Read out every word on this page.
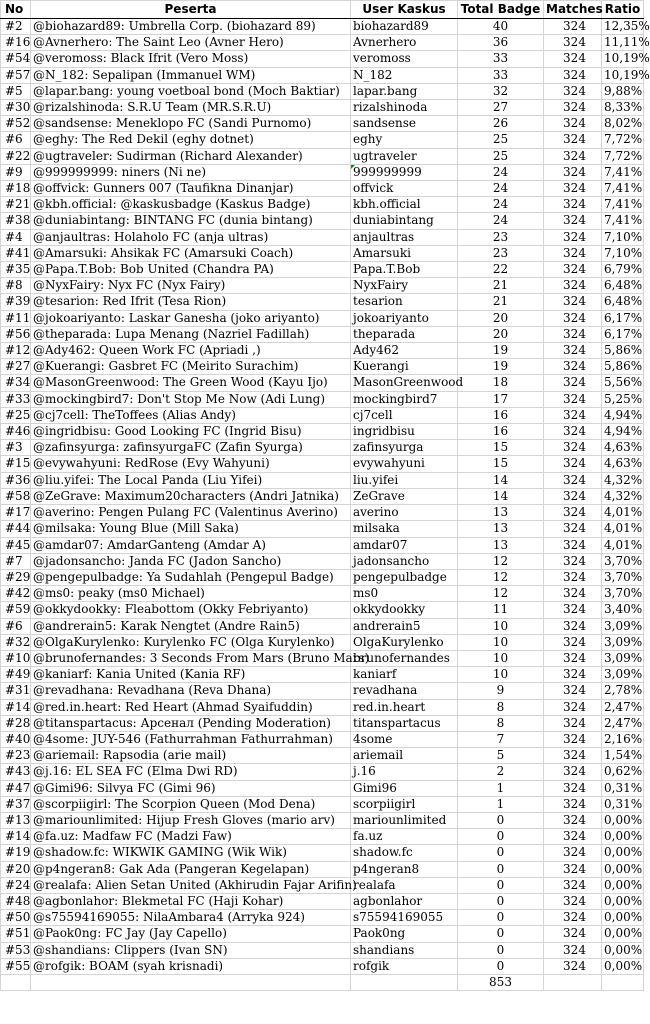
No	Peserta	User Kaskus	Total Badge	Matches	Ratio
#2	@biohazard89: Umbrella Corp. (biohazard 89)	biohazard89	40	324	12,35%
#16	@Avnerhero: The Saint Leo (Avner Hero)	Avnerhero	36	324	11,11%
#54	@veromoss: Black Ifrit (Vero Moss)	veromoss	33	324	10,19%
#57	@N_182: Sepalipan (Immanuel WM)	N_182	33	324	10,19%
#5	@lapar.bang: young voetboal bond (Moch Baktiar)	lapar.bang	32	324	9,88%
#30	@rizalshinoda: S.R.U Team (MR.S.R.U)	rizalshinoda	27	324	8,33%
#52	@sandsense: Meneklopo FC (Sandi Purnomo)	sandsense	26	324	8,02%
#6	@eghy: The Red Dekil (eghy dotnet)	eghy	25	324	7,72%
#22	@ugtraveler: Sudirman (Richard Alexander)	ugtraveler	25	324	7,72%
#9	@999999999: niners (Ni ne)	999999999	24	324	7,41%
#18	@offvick: Gunners 007 (Taufikna Dinanjar)	offvick	24	324	7,41%
#21	@kbh.official: @kaskusbadge (Kaskus Badge)	kbh.official	24	324	7,41%
#38	@duniabintang: BINTANG FC (dunia bintang)	duniabintang	24	324	7,41%
#4	@anjaultras: Holaholo FC (anja ultras)	anjaultras	23	324	7,10%
#41	@Amarsuki: Ahsikak FC (Amarsuki Coach)	Amarsuki	23	324	7,10%
#35	@Papa.T.Bob: Bob United (Chandra PA)	Papa.T.Bob	22	324	6,79%
#8	@NyxFairy: Nyx FC (Nyx Fairy)	NyxFairy	21	324	6,48%
#39	@tesarion: Red Ifrit (Tesa Rion)	tesarion	21	324	6,48%
#11	@jokoariyanto: Laskar Ganesha (joko ariyanto)	jokoariyanto	20	324	6,17%
#56	@theparada: Lupa Menang (Nazriel Fadillah)	theparada	20	324	6,17%
#12	@Ady462: Queen Work FC (Apriadi ,)	Ady462	19	324	5,86%
#27	@Kuerangi: Gasbret FC (Meirito Surachim)	Kuerangi	19	324	5,86%
#34	@MasonGreenwood: The Green Wood (Kayu Ijo)	MasonGreenwood	18	324	5,56%
#33	@mockingbird7: Don't Stop Me Now (Adi Lung)	mockingbird7	17	324	5,25%
#25	@cj7cell: TheToffees (Alias Andy)	cj7cell	16	324	4,94%
#46	@ingridbisu: Good Looking FC (Ingrid Bisu)	ingridbisu	16	324	4,94%
#3	@zafinsyurga: zafinsyurgaFC (Zafin Syurga)	zafinsyurga	15	324	4,63%
#15	@evywahyuni: RedRose (Evy Wahyuni)	evywahyuni	15	324	4,63%
#36	@liu.yifei: The Local Panda (Liu Yifei)	liu.yifei	14	324	4,32%
#58	@ZeGrave: Maximum20characters (Andri Jatnika)	ZeGrave	14	324	4,32%
#17	@averino: Pengen Pulang FC (Valentinus Averino)	averino	13	324	4,01%
#44	@milsaka: Young Blue (Mill Saka)	milsaka	13	324	4,01%
#45	@amdar07: AmdarGanteng (Amdar A)	amdar07	13	324	4,01%
#7	@jadonsancho: Janda FC (Jadon Sancho)	jadonsancho	12	324	3,70%
#29	@pengepulbadge: Ya Sudahlah (Pengepul Badge)	pengepulbadge	12	324	3,70%
#42	@ms0: peaky (ms0 Michael)	ms0	12	324	3,70%
#59	@okkydookky: Fleabottom (Okky Febriyanto)	okkydookky	11	324	3,40%
#6	@andrerain5: Karak Nengtet (Andre Rain5)	andrerain5	10	324	3,09%
#32	@OlgaKurylenko: Kurylenko FC (Olga Kurylenko)	OlgaKurylenko	10	324	3,09%
#10	@brunofernandes: 3 Seconds From Mars (Bruno Mars)	brunofernandes	10	324	3,09%
#49	@kaniarf: Kania United (Kania RF)	kaniarf	10	324	3,09%
#31	@revadhana: Revadhana (Reva Dhana)	revadhana	9	324	2,78%
#14	@red.in.heart: Red Heart (Ahmad Syaifuddin)	red.in.heart	8	324	2,47%
#28	@titanspartacus: Арсенал (Pending Moderation)	titanspartacus	8	324	2,47%
#40	@4some: JUY-546 (Fathurrahman Fathurrahman)	4some	7	324	2,16%
#23	@ariemail: Rapsodia (arie mail)	ariemail	5	324	1,54%
#43	@j.16: EL SEA FC (Elma Dwi RD)	j.16	2	324	0,62%
#47	@Gimi96: Silvya FC (Gimi 96)	Gimi96	1	324	0,31%
#37	@scorpiigirl: The Scorpion Queen (Mod Dena)	scorpiigirl	1	324	0,31%
#13	@mariounlimited: Hijup Fresh Gloves (mario arv)	mariounlimited	0	324	0,00%
#14	@fa.uz: Madfaw FC (Madzi Faw)	fa.uz	0	324	0,00%
#19	@shadow.fc: WIKWIK GAMING (Wik Wik)	shadow.fc	0	324	0,00%
#20	@p4ngeran8: Gak Ada (Pangeran Kegelapan)	p4ngeran8	0	324	0,00%
#24	@realafa: Alien Setan United (Akhirudin Fajar Arifin)	realafa	0	324	0,00%
#48	@agbonlahor: Blekmetal FC (Haji Kohar)	agbonlahor	0	324	0,00%
#50	@s75594169055: NilaAmbara4 (Arryka 924)	s75594169055	0	324	0,00%
#51	@Paok0ng: FC Jay (Jay Capello)	Paok0ng	0	324	0,00%
#53	@shandians: Clippers (Ivan SN)	shandians	0	324	0,00%
#55	@rofgik: BOAM (syah krisnadi)	rofgik	0	324	0,00%
			853		
